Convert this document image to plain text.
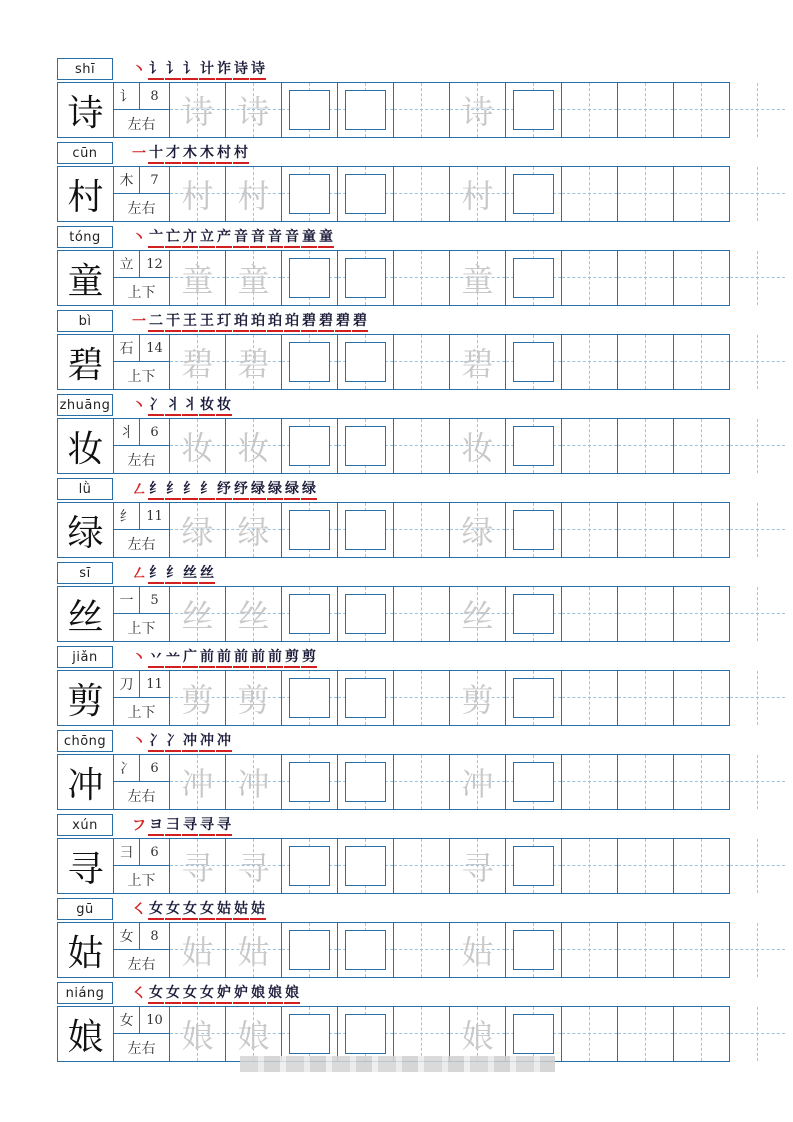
shī	丶 讠 讠 讠 计 诈 诗 诗
诗	讠	8
左右 诗 诗	诗
cūn	一 十 才 木 木 村 村
村	木	7
左右 村 村	村
tóng	丶 亠 亡 亣 立 产 音 音 音 音 童 童
童	立 12
上下 童 童	童
bì	一 二 干 王 王 玎 珀 珀 珀 珀 碧 碧 碧 碧
碧	石 14
上下 碧 碧	碧
zhuāng 丶 冫 丬 丬 妆 妆
妆	丬	6
左右 妆 妆	妆
lǜ	㇜ 纟 纟 纟 纟 纾 纾 绿 绿 绿 绿
绿	纟 11
左右 绿 绿	绿
sī	㇜ 纟 纟 丝 丝
丝	一	5
上下 丝 丝	丝
jiǎn	丶 丷 䒑 广 前 前 前 前 前 剪 剪
剪	刀 11
上下 剪 剪	剪
chōng	丶 冫 冫 冲 冲 冲
冲	冫	6
左右 冲 冲	冲
xún	フ ヨ 彐 寻 寻 寻
寻	彐	6
上下 寻 寻	寻
gū	㇛ 女 女 女 女 姑 姑 姑
姑	女	8
左右 姑 姑	姑
niáng	㇛ 女 女 女 女 妒 妒 娘 娘 娘
娘	女 10
左右 娘 娘	娘
